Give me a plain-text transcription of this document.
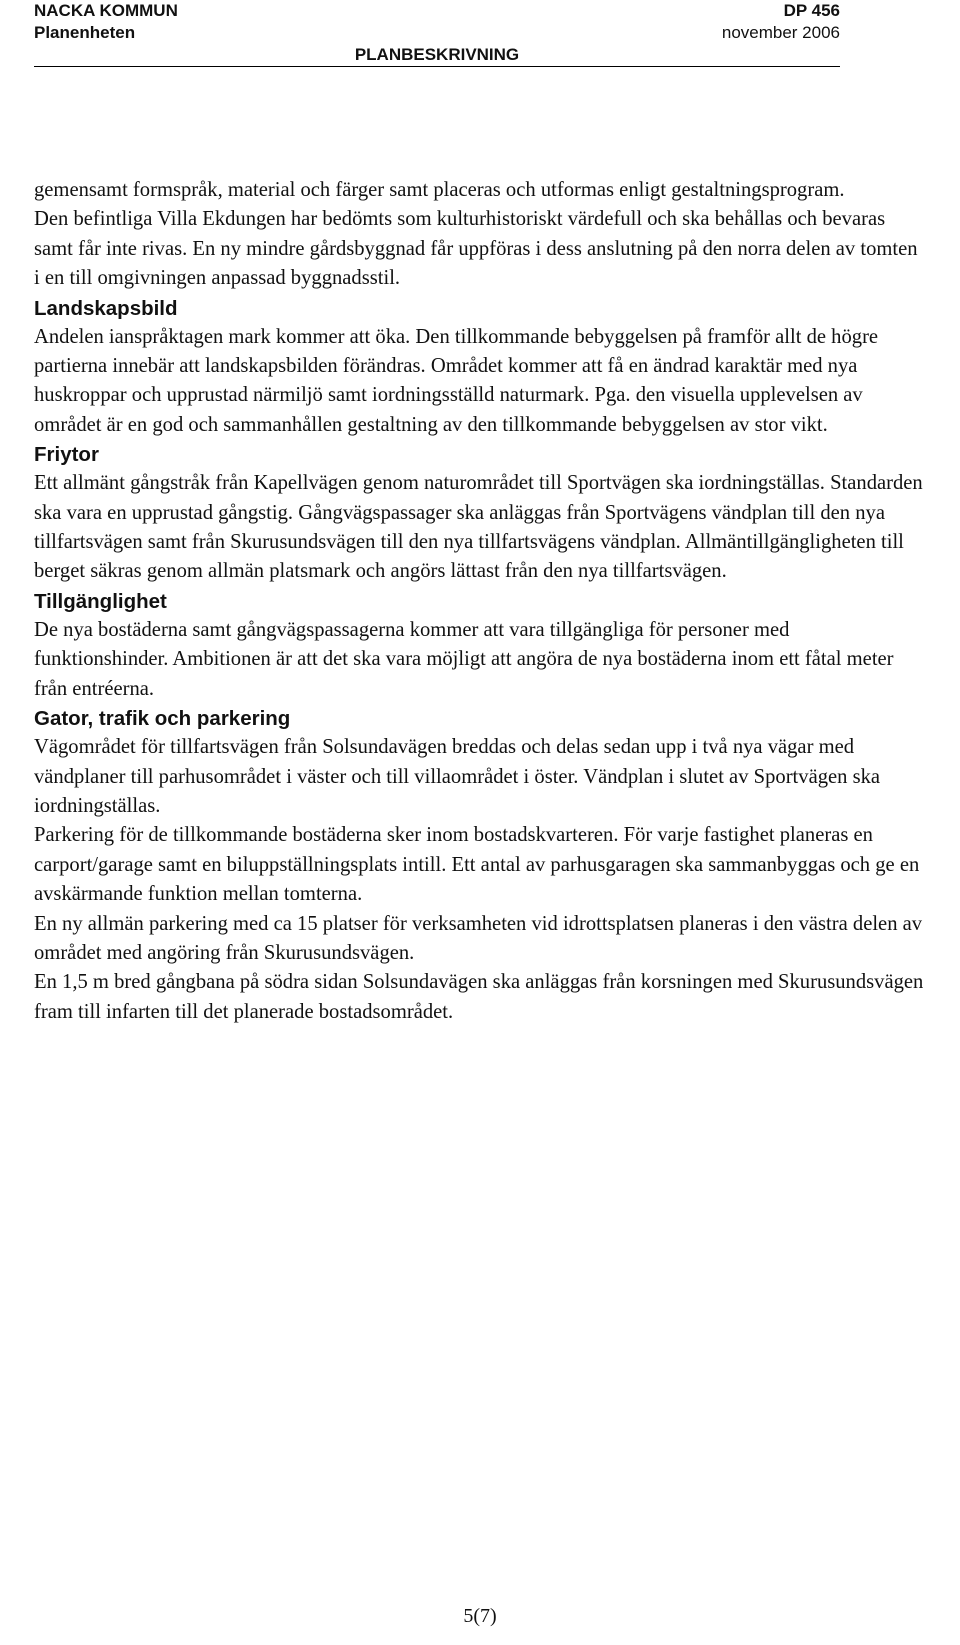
NACKA KOMMUN
Planenheten
DP 456
november 2006
PLANBESKRIVNING

gemensamt formspråk, material och färger samt placeras och utformas enligt gestaltningsprogram.

Den befintliga Villa Ekdungen har bedömts som kulturhistoriskt värdefull och ska behållas och bevaras samt får inte rivas. En ny mindre gårdsbyggnad får uppföras i dess anslutning på den norra delen av tomten i en till omgivningen anpassad byggnadsstil.

Landskapsbild

Andelen ianspråktagen mark kommer att öka. Den tillkommande bebyggelsen på framför allt de högre partierna innebär att landskapsbilden förändras. Området kommer att få en ändrad karaktär med nya huskroppar och upprustad närmiljö samt iordningsställd naturmark. Pga. den visuella upplevelsen av området är en god och sammanhållen gestaltning av den tillkommande bebyggelsen av stor vikt.

Friytor

Ett allmänt gångstråk från Kapellvägen genom naturområdet till Sportvägen ska iordningställas. Standarden ska vara en upprustad gångstig. Gångvägspassager ska anläggas från Sportvägens vändplan till den nya tillfartsvägen samt från Skurusundsvägen till den nya tillfartsvägens vändplan. Allmäntillgängligheten till berget säkras genom allmän platsmark och angörs lättast från den nya tillfartsvägen.

Tillgänglighet

De nya bostäderna samt gångvägspassagerna kommer att vara tillgängliga för personer med funktionshinder. Ambitionen är att det ska vara möjligt att angöra de nya bostäderna inom ett fåtal meter från entréerna.

Gator, trafik och parkering

Vägområdet för tillfartsvägen från Solsundavägen breddas och delas sedan upp i två nya vägar med vändplaner till parhusområdet i väster och till villaområdet i öster. Vändplan i slutet av Sportvägen ska iordningställas.

Parkering för de tillkommande bostäderna sker inom bostadskvarteren. För varje fastighet planeras en carport/garage samt en biluppställningsplats intill. Ett antal av parhusgaragen ska sammanbyggas och ge en avskärmande funktion mellan tomterna.

En ny allmän parkering med ca 15 platser för verksamheten vid idrottsplatsen planeras i den västra delen av området med angöring från Skurusundsvägen.

En 1,5 m bred gångbana på södra sidan Solsundavägen ska anläggas från korsningen med Skurusundsvägen fram till infarten till det planerade bostadsområdet.

5(7)
